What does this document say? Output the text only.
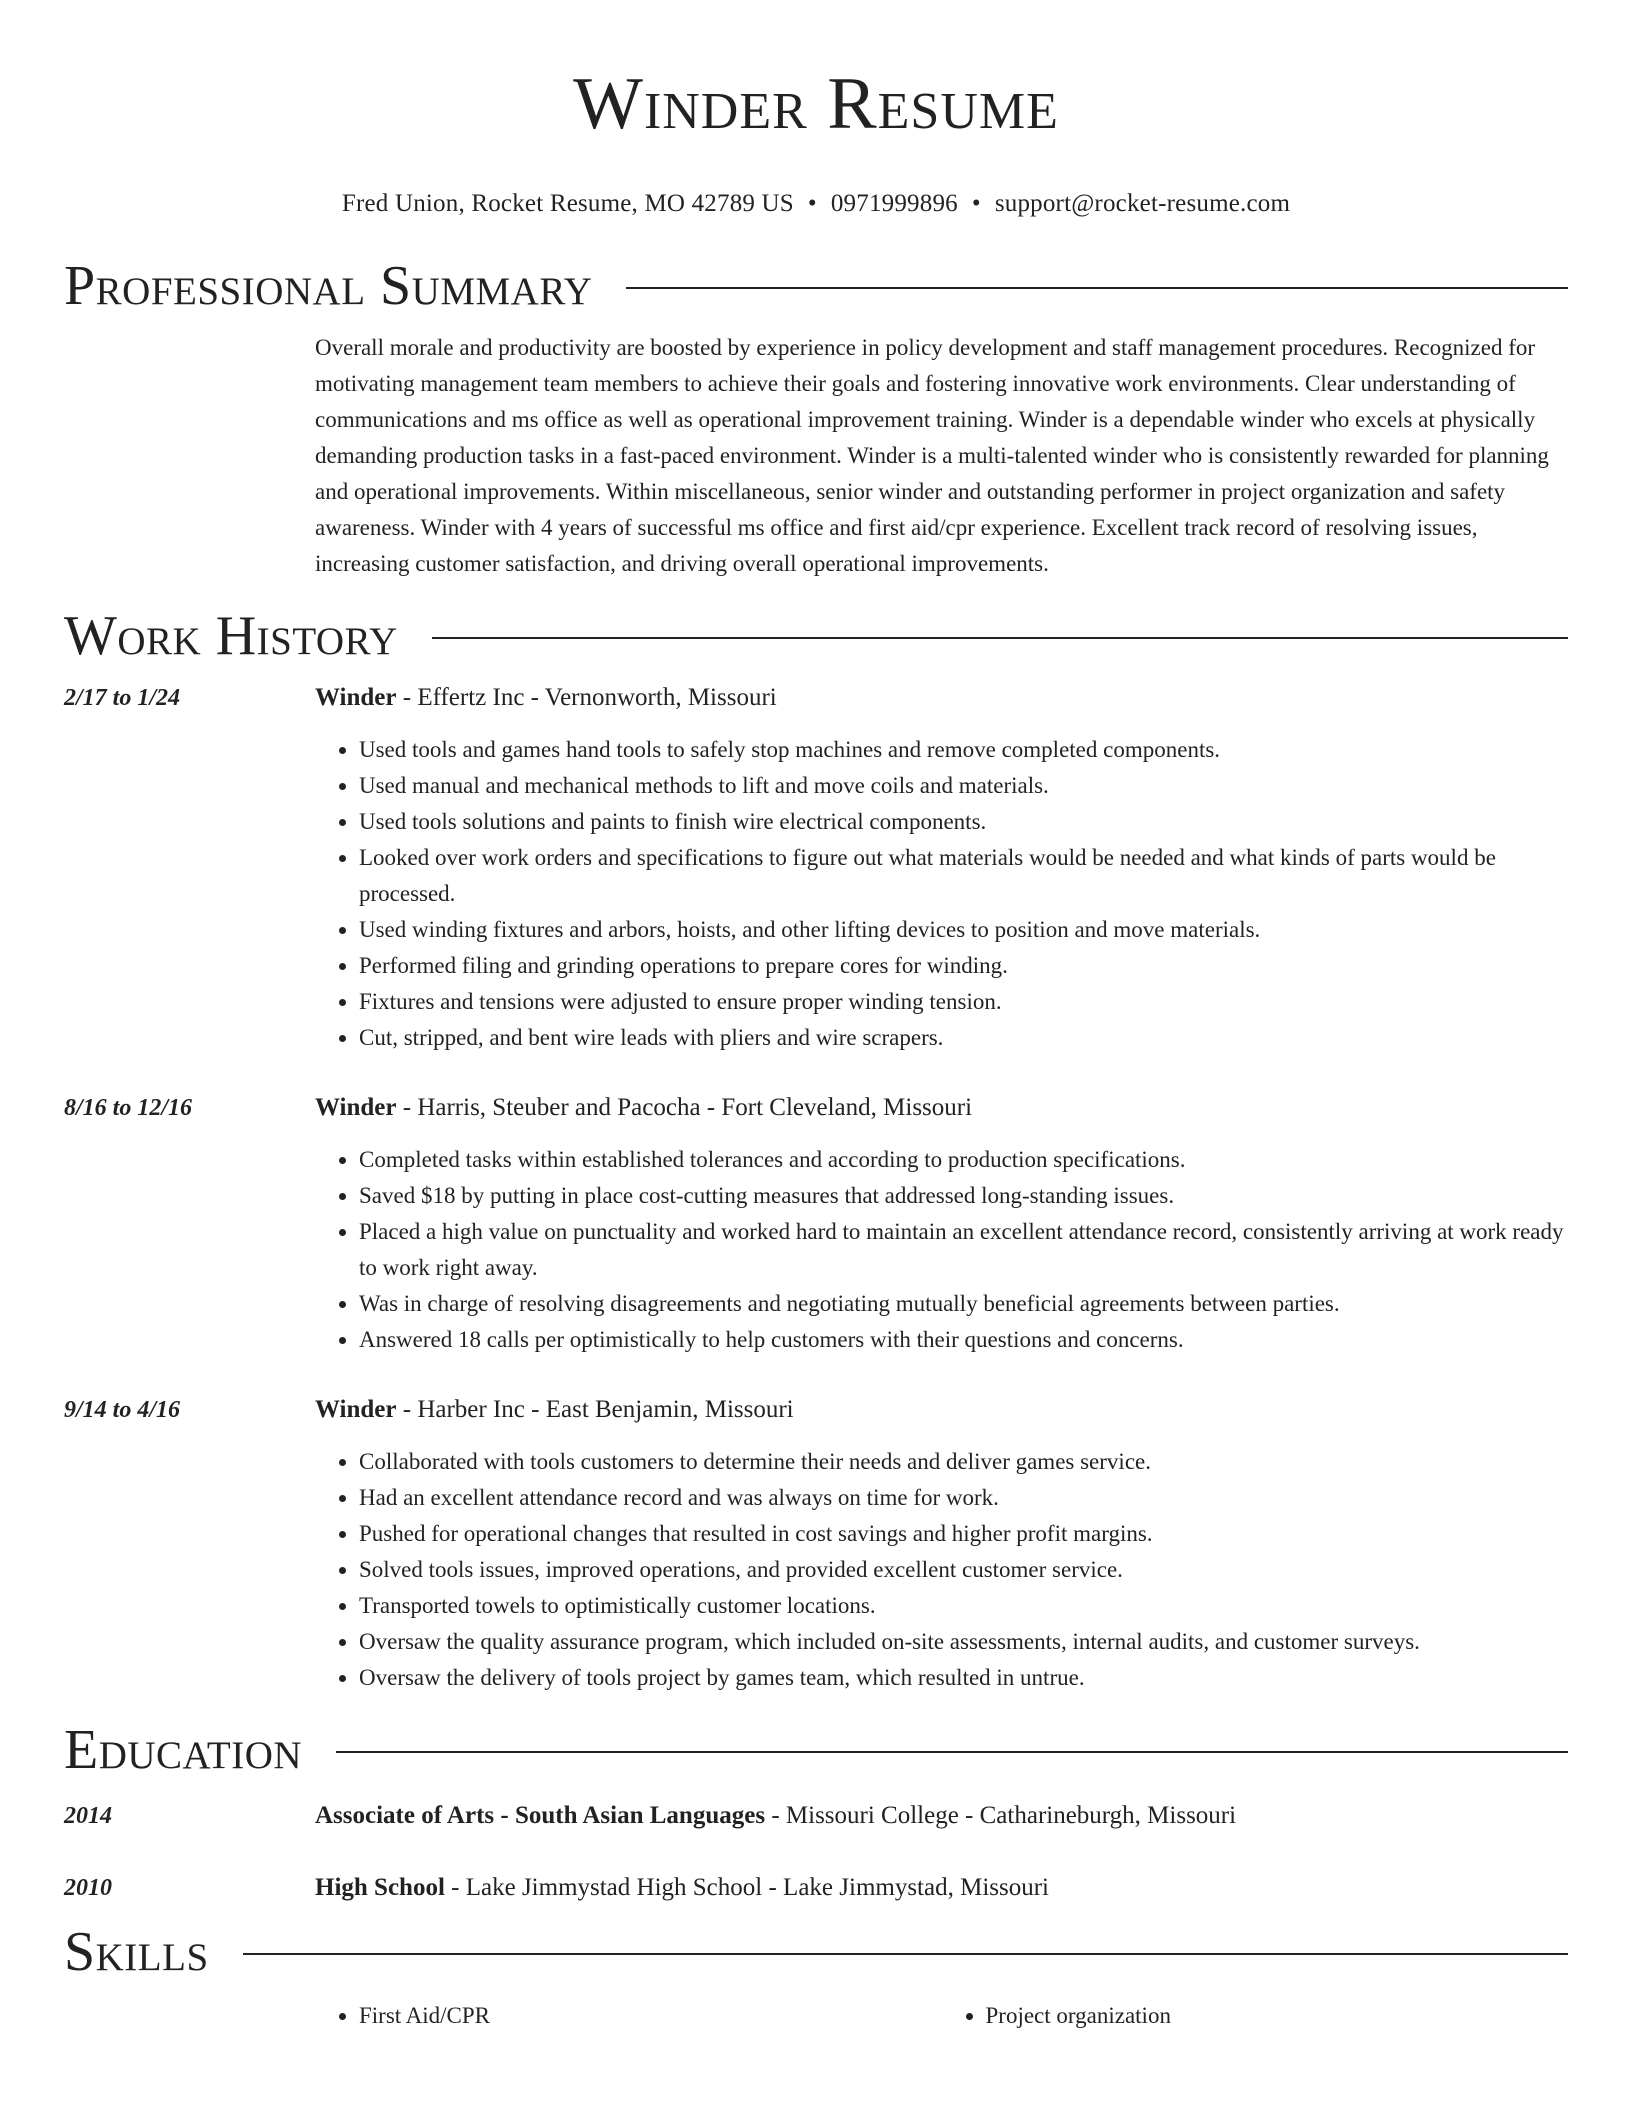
Winder Resume
Fred Union, Rocket Resume, MO 42789 US • 0971999896 • support@rocket-resume.com
Professional Summary
Overall morale and productivity are boosted by experience in policy development and staff management procedures. Recognized for motivating management team members to achieve their goals and fostering innovative work environments. Clear understanding of communications and ms office as well as operational improvement training. Winder is a dependable winder who excels at physically demanding production tasks in a fast-paced environment. Winder is a multi-talented winder who is consistently rewarded for planning and operational improvements. Within miscellaneous, senior winder and outstanding performer in project organization and safety awareness. Winder with 4 years of successful ms office and first aid/cpr experience. Excellent track record of resolving issues, increasing customer satisfaction, and driving overall operational improvements.
Work History
2/17 to 1/24	Winder - Effertz Inc - Vernonworth, Missouri
• Used tools and games hand tools to safely stop machines and remove completed components.
• Used manual and mechanical methods to lift and move coils and materials.
• Used tools solutions and paints to finish wire electrical components.
• Looked over work orders and specifications to figure out what materials would be needed and what kinds of parts would be processed.
• Used winding fixtures and arbors, hoists, and other lifting devices to position and move materials.
• Performed filing and grinding operations to prepare cores for winding.
• Fixtures and tensions were adjusted to ensure proper winding tension.
• Cut, stripped, and bent wire leads with pliers and wire scrapers.
8/16 to 12/16	Winder - Harris, Steuber and Pacocha - Fort Cleveland, Missouri
• Completed tasks within established tolerances and according to production specifications.
• Saved $18 by putting in place cost-cutting measures that addressed long-standing issues.
• Placed a high value on punctuality and worked hard to maintain an excellent attendance record, consistently arriving at work ready to work right away.
• Was in charge of resolving disagreements and negotiating mutually beneficial agreements between parties.
• Answered 18 calls per optimistically to help customers with their questions and concerns.
9/14 to 4/16	Winder - Harber Inc - East Benjamin, Missouri
• Collaborated with tools customers to determine their needs and deliver games service.
• Had an excellent attendance record and was always on time for work.
• Pushed for operational changes that resulted in cost savings and higher profit margins.
• Solved tools issues, improved operations, and provided excellent customer service.
• Transported towels to optimistically customer locations.
• Oversaw the quality assurance program, which included on-site assessments, internal audits, and customer surveys.
• Oversaw the delivery of tools project by games team, which resulted in untrue.
Education
2014	Associate of Arts - South Asian Languages - Missouri College - Catharineburgh, Missouri
2010	High School - Lake Jimmystad High School - Lake Jimmystad, Missouri
Skills
• First Aid/CPR
•	Project organization
